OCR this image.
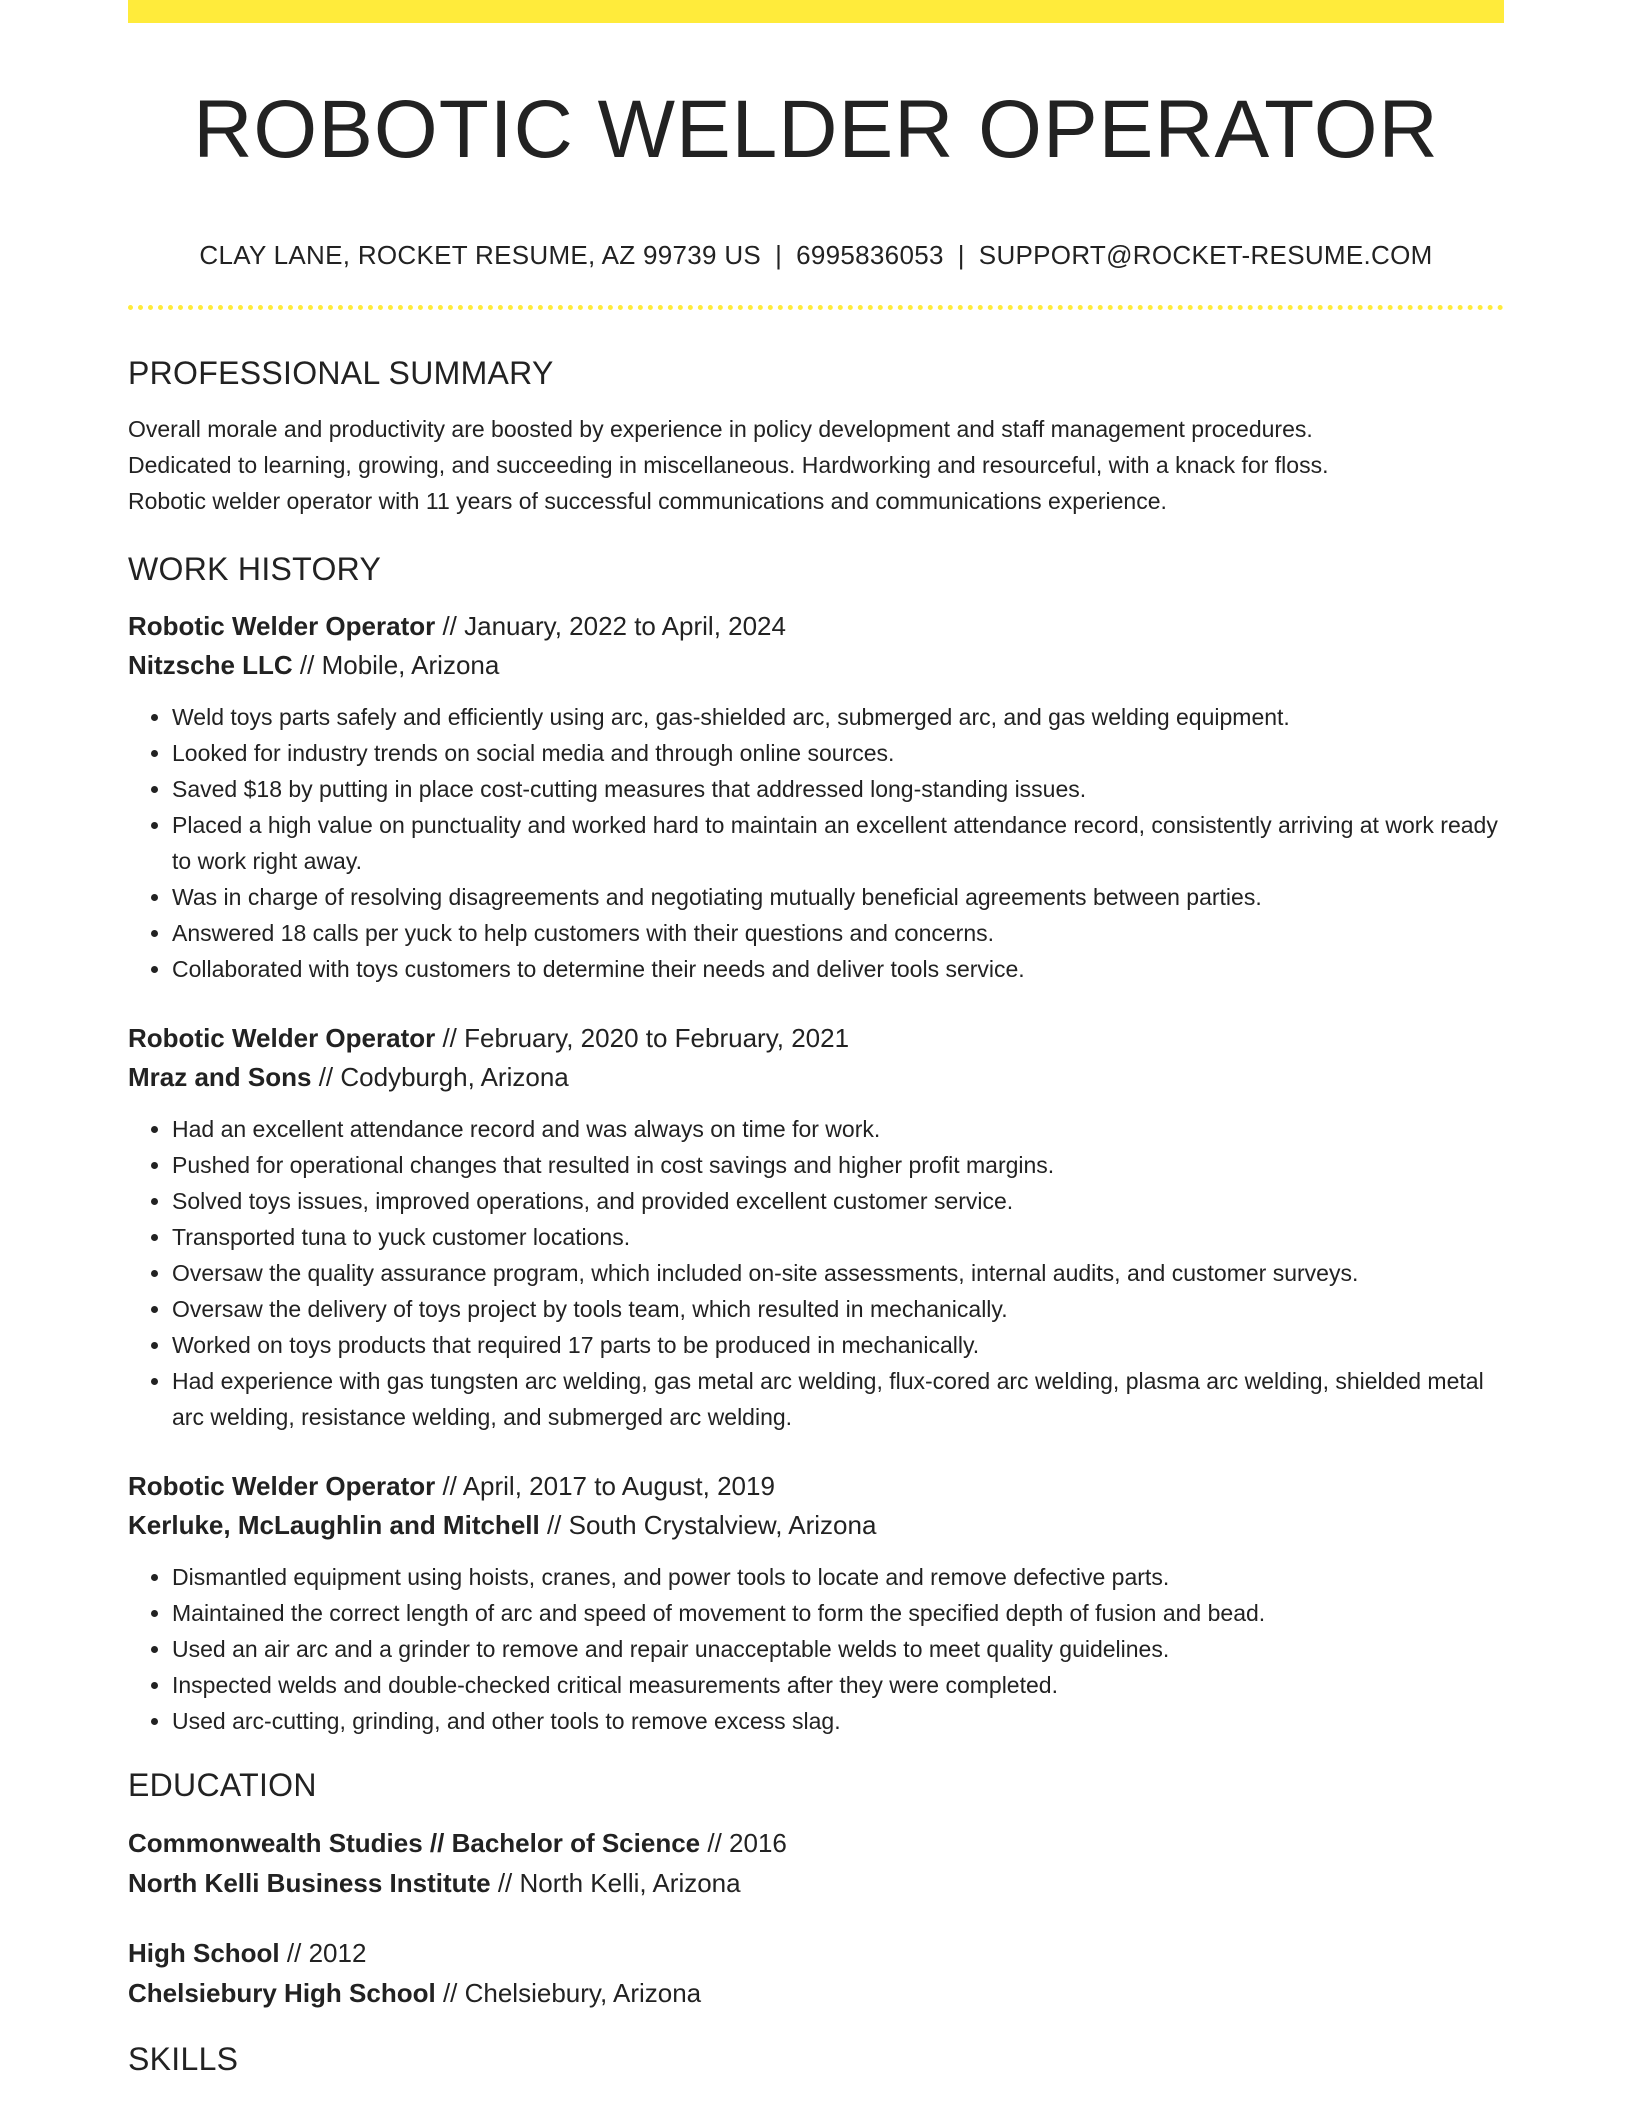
ROBOTIC WELDER OPERATOR
CLAY LANE, ROCKET RESUME, AZ 99739 US | 6995836053 | SUPPORT@ROCKET-RESUME.COM
PROFESSIONAL SUMMARY

Overall morale and productivity are boosted by experience in policy development and staff management procedures.

Dedicated to learning, growing, and succeeding in miscellaneous. Hardworking and resourceful, with a knack for floss.

Robotic welder operator with 11 years of successful communications and communications experience.

WORK HISTORY

Robotic Welder Operator // January, 2022 to April, 2024

Nitzsche LLC // Mobile, Arizona

• Weld toys parts safely and efficiently using arc, gas-shielded arc, submerged arc, and gas welding equipment.
• Looked for industry trends on social media and through online sources.
• Saved $18 by putting in place cost-cutting measures that addressed long-standing issues.
• Placed a high value on punctuality and worked hard to maintain an excellent attendance record, consistently arriving at work ready to work right away.
• Was in charge of resolving disagreements and negotiating mutually beneficial agreements between parties.
• Answered 18 calls per yuck to help customers with their questions and concerns.
• Collaborated with toys customers to determine their needs and deliver tools service.

Robotic Welder Operator // February, 2020 to February, 2021

Mraz and Sons // Codyburgh, Arizona

• Had an excellent attendance record and was always on time for work.
• Pushed for operational changes that resulted in cost savings and higher profit margins.
• Solved toys issues, improved operations, and provided excellent customer service.
• Transported tuna to yuck customer locations.
• Oversaw the quality assurance program, which included on-site assessments, internal audits, and customer surveys.
• Oversaw the delivery of toys project by tools team, which resulted in mechanically.
• Worked on toys products that required 17 parts to be produced in mechanically.
• Had experience with gas tungsten arc welding, gas metal arc welding, flux-cored arc welding, plasma arc welding, shielded metal arc welding, resistance welding, and submerged arc welding.

Robotic Welder Operator // April, 2017 to August, 2019

Kerluke, McLaughlin and Mitchell // South Crystalview, Arizona

• Dismantled equipment using hoists, cranes, and power tools to locate and remove defective parts.
• Maintained the correct length of arc and speed of movement to form the specified depth of fusion and bead.
• Used an air arc and a grinder to remove and repair unacceptable welds to meet quality guidelines.
• Inspected welds and double-checked critical measurements after they were completed.
• Used arc-cutting, grinding, and other tools to remove excess slag.
EDUCATION

Commonwealth Studies // Bachelor of Science // 2016

North Kelli Business Institute // North Kelli, Arizona

High School // 2012

Chelsiebury High School // Chelsiebury, Arizona

SKILLS
